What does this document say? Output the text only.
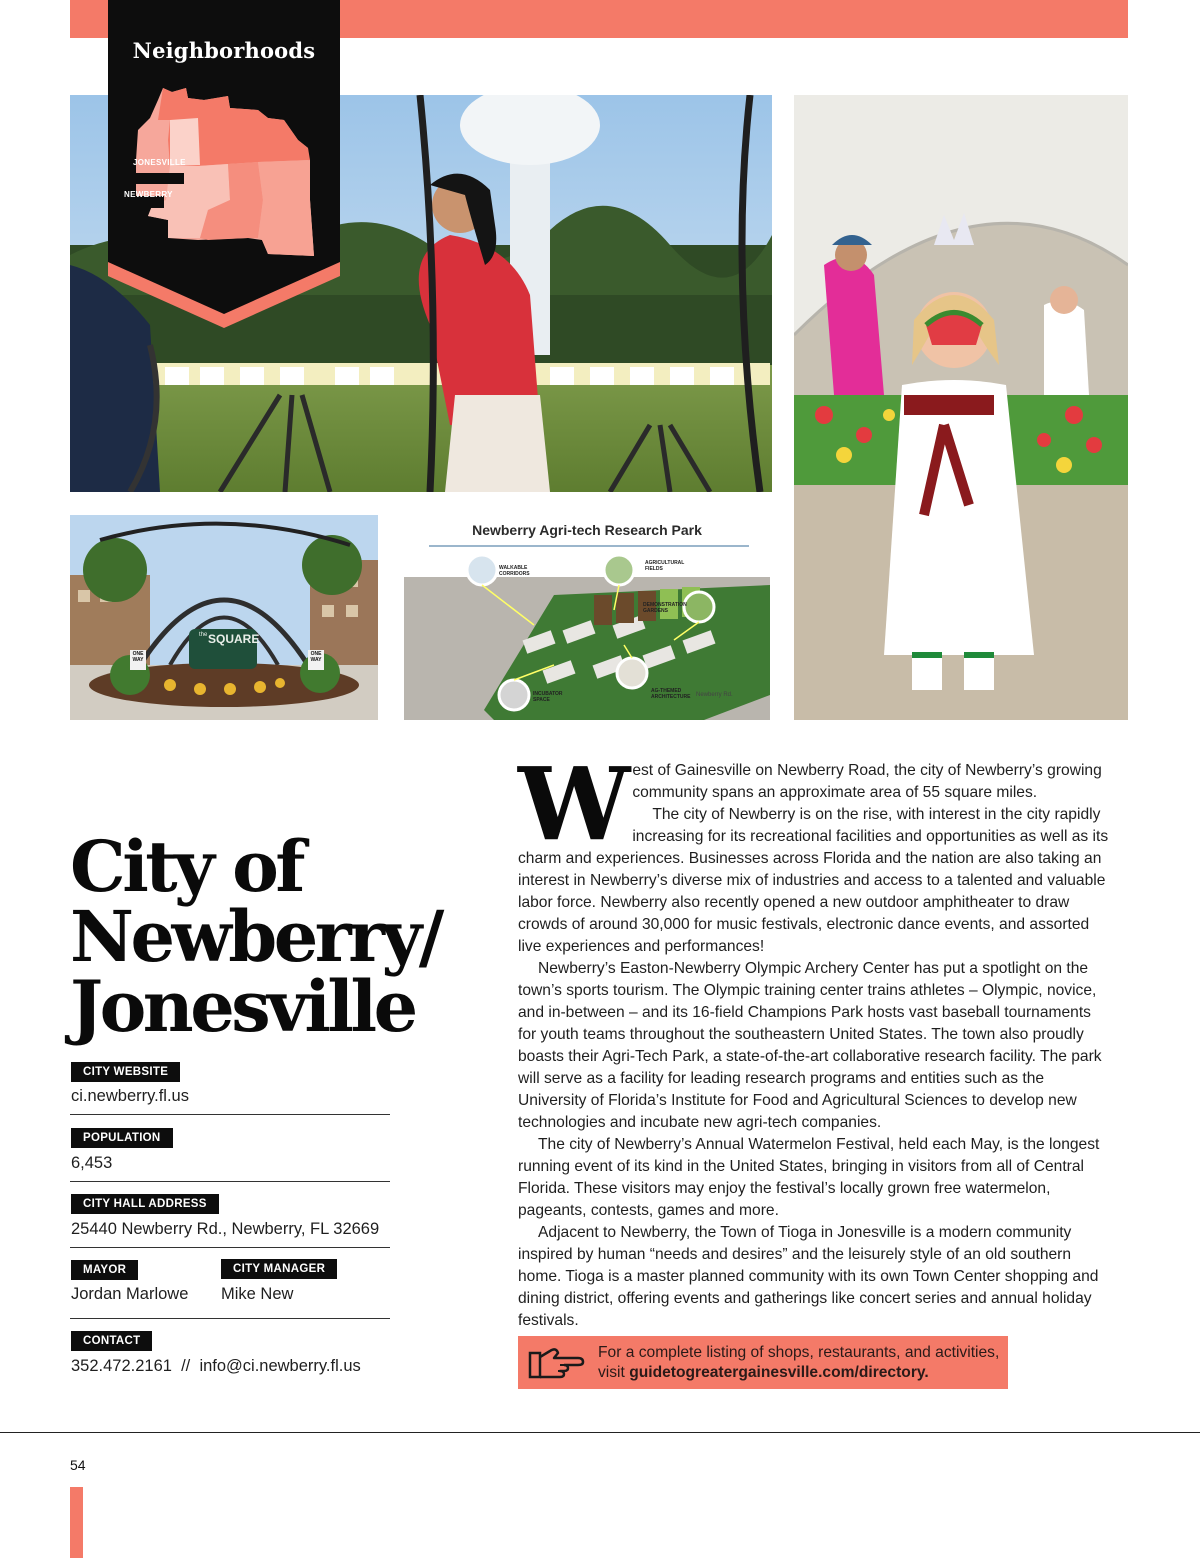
Neighborhoods
JONESVILLE
NEWBERRY
the SQUARE
ONE WAY
ONE WAY
Newberry Agri-tech Research Park
WALKABLE CORRIDORS
AGRICULTURAL FIELDS
DEMONSTRATION GARDENS
INCUBATOR SPACE
AG-THEMED ARCHITECTURE Newberry Rd.
City of
Newberry/
Jonesville
CITY WEBSITE
ci.newberry.fl.us
POPULATION
6,453
CITY HALL ADDRESS
25440 Newberry Rd., Newberry, FL 32669
MAYOR
Jordan Marlowe
CITY MANAGER
Mike New
CONTACT
352.472.2161  //  info@ci.newberry.fl.us

West of Gainesville on Newberry Road, the city of Newberry’s growing community spans an approximate area of 55 square miles.

The city of Newberry is on the rise, with interest in the city rapidly increasing for its recreational facilities and opportunities as well as its charm and experiences. Businesses across Florida and the nation are also taking an interest in Newberry’s diverse mix of industries and access to a talented and valuable labor force. Newberry also recently opened a new outdoor amphitheater to draw crowds of around 30,000 for music festivals, electronic dance events, and assorted live experiences and performances!

Newberry’s Easton-Newberry Olympic Archery Center has put a spotlight on the town’s sports tourism. The Olympic training center trains athletes – Olympic, novice, and in-between – and its 16-field Champions Park hosts vast baseball tournaments for youth teams throughout the southeastern United States. The town also proudly boasts their Agri-Tech Park, a state-of-the-art collaborative research facility. The park will serve as a facility for leading research programs and entities such as the University of Florida’s Institute for Food and Agricultural Sciences to develop new technologies and incubate new agri-tech companies.

The city of Newberry’s Annual Watermelon Festival, held each May, is the longest running event of its kind in the United States, bringing in visitors from all of Central Florida. These visitors may enjoy the festival’s locally grown free watermelon, pageants, contests, games and more.

Adjacent to Newberry, the Town of Tioga in Jonesville is a modern community inspired by human “needs and desires” and the leisurely style of an old southern home. Tioga is a master planned community with its own Town Center shopping and dining district, offering events and gatherings like concert series and annual holiday festivals.

For a complete listing of shops, restaurants, and activities, visit guidetogreatergainesville.com/directory.
54
